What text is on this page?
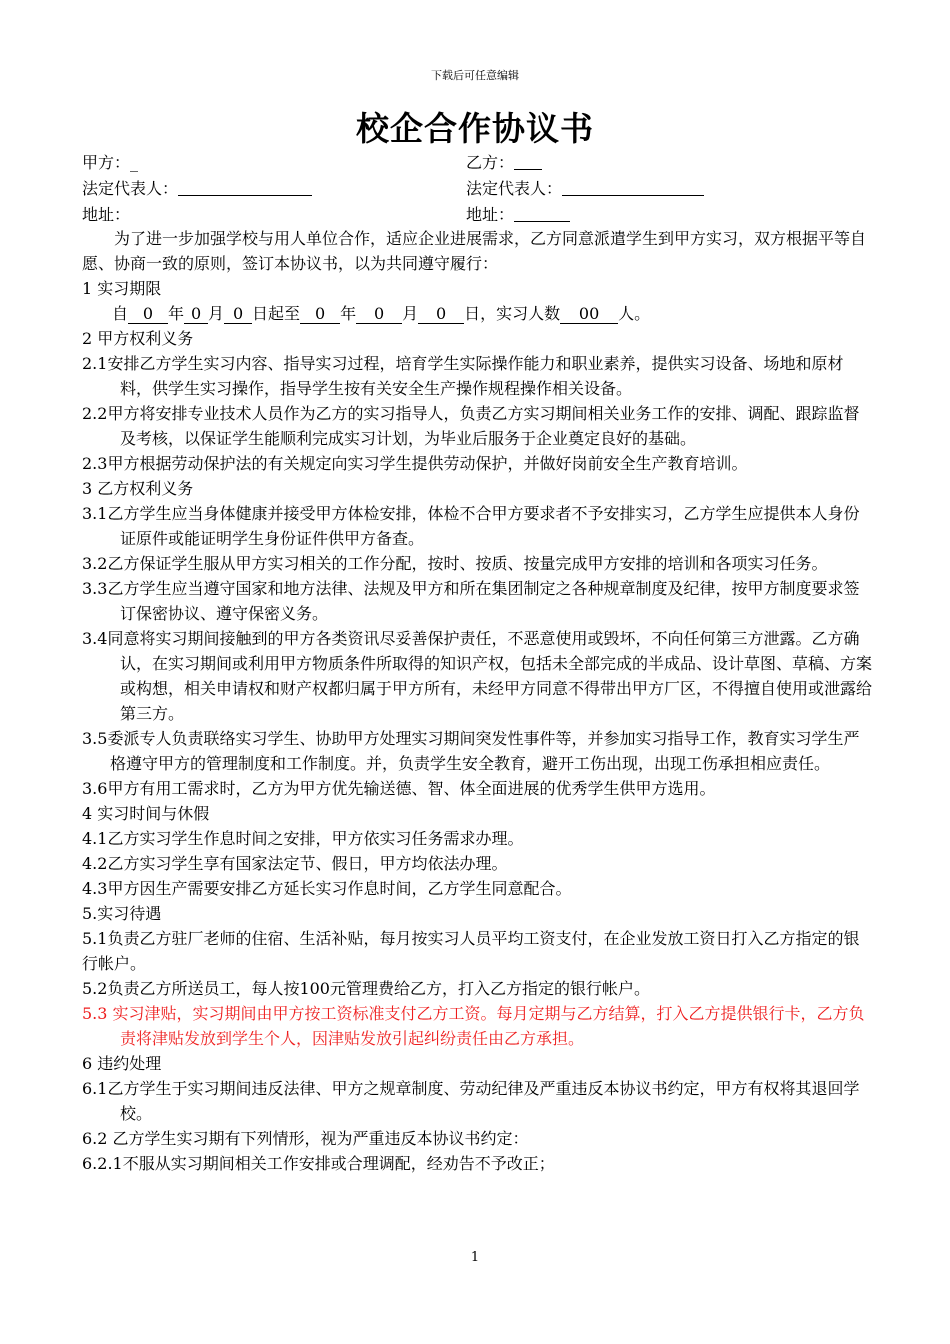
下载后可任意编辑
校企合作协议书
甲方：_	乙方：
法定代表人：	法定代表人：
地址：	地址：

为了进一步加强学校与用人单位合作，适应企业进展需求，乙方同意派遣学生到甲方实习，双方根据平等自愿、协商一致的原则，签订本协议书，以为共同遵守履行：

1 实习期限

自 0 年 0 月 0 日起至 0 年 0 月 0 日，实习人数 00 人。

2 甲方权利义务

2.1安排乙方学生实习内容、指导实习过程，培育学生实际操作能力和职业素养，提供实习设备、场地和原材料，供学生实习操作，指导学生按有关安全生产操作规程操作相关设备。

2.2甲方将安排专业技术人员作为乙方的实习指导人，负责乙方实习期间相关业务工作的安排、调配、跟踪监督及考核，以保证学生能顺利完成实习计划，为毕业后服务于企业奠定良好的基础。

2.3甲方根据劳动保护法的有关规定向实习学生提供劳动保护，并做好岗前安全生产教育培训。

3 乙方权利义务

3.1乙方学生应当身体健康并接受甲方体检安排，体检不合甲方要求者不予安排实习，乙方学生应提供本人身份证原件或能证明学生身份证件供甲方备查。

3.2乙方保证学生服从甲方实习相关的工作分配，按时、按质、按量完成甲方安排的培训和各项实习任务。

3.3乙方学生应当遵守国家和地方法律、法规及甲方和所在集团制定之各种规章制度及纪律，按甲方制度要求签订保密协议、遵守保密义务。

3.4同意将实习期间接触到的甲方各类资讯尽妥善保护责任，不恶意使用或毁坏，不向任何第三方泄露。乙方确认，在实习期间或利用甲方物质条件所取得的知识产权，包括未全部完成的半成品、设计草图、草稿、方案或构想，相关申请权和财产权都归属于甲方所有，未经甲方同意不得带出甲方厂区，不得擅自使用或泄露给第三方。

3.5委派专人负责联络实习学生、协助甲方处理实习期间突发性事件等，并参加实习指导工作，教育实习学生严格遵守甲方的管理制度和工作制度。并，负责学生安全教育，避开工伤出现，出现工伤承担相应责任。

3.6甲方有用工需求时，乙方为甲方优先输送德、智、体全面进展的优秀学生供甲方选用。

4 实习时间与休假

4.1乙方实习学生作息时间之安排，甲方依实习任务需求办理。

4.2乙方实习学生享有国家法定节、假日，甲方均依法办理。

4.3甲方因生产需要安排乙方延长实习作息时间，乙方学生同意配合。

5.实习待遇

5.1负责乙方驻厂老师的住宿、生活补贴，每月按实习人员平均工资支付，在企业发放工资日打入乙方指定的银行帐户。

5.2负责乙方所送员工，每人按100元管理费给乙方，打入乙方指定的银行帐户。

5.3 实习津贴，实习期间由甲方按工资标准支付乙方工资。每月定期与乙方结算，打入乙方提供银行卡，乙方负责将津贴发放到学生个人，因津贴发放引起纠纷责任由乙方承担。

6 违约处理

6.1乙方学生于实习期间违反法律、甲方之规章制度、劳动纪律及严重违反本协议书约定，甲方有权将其退回学校。

6.2 乙方学生实习期有下列情形，视为严重违反本协议书约定：

6.2.1不服从实习期间相关工作安排或合理调配，经劝告不予改正；

1
